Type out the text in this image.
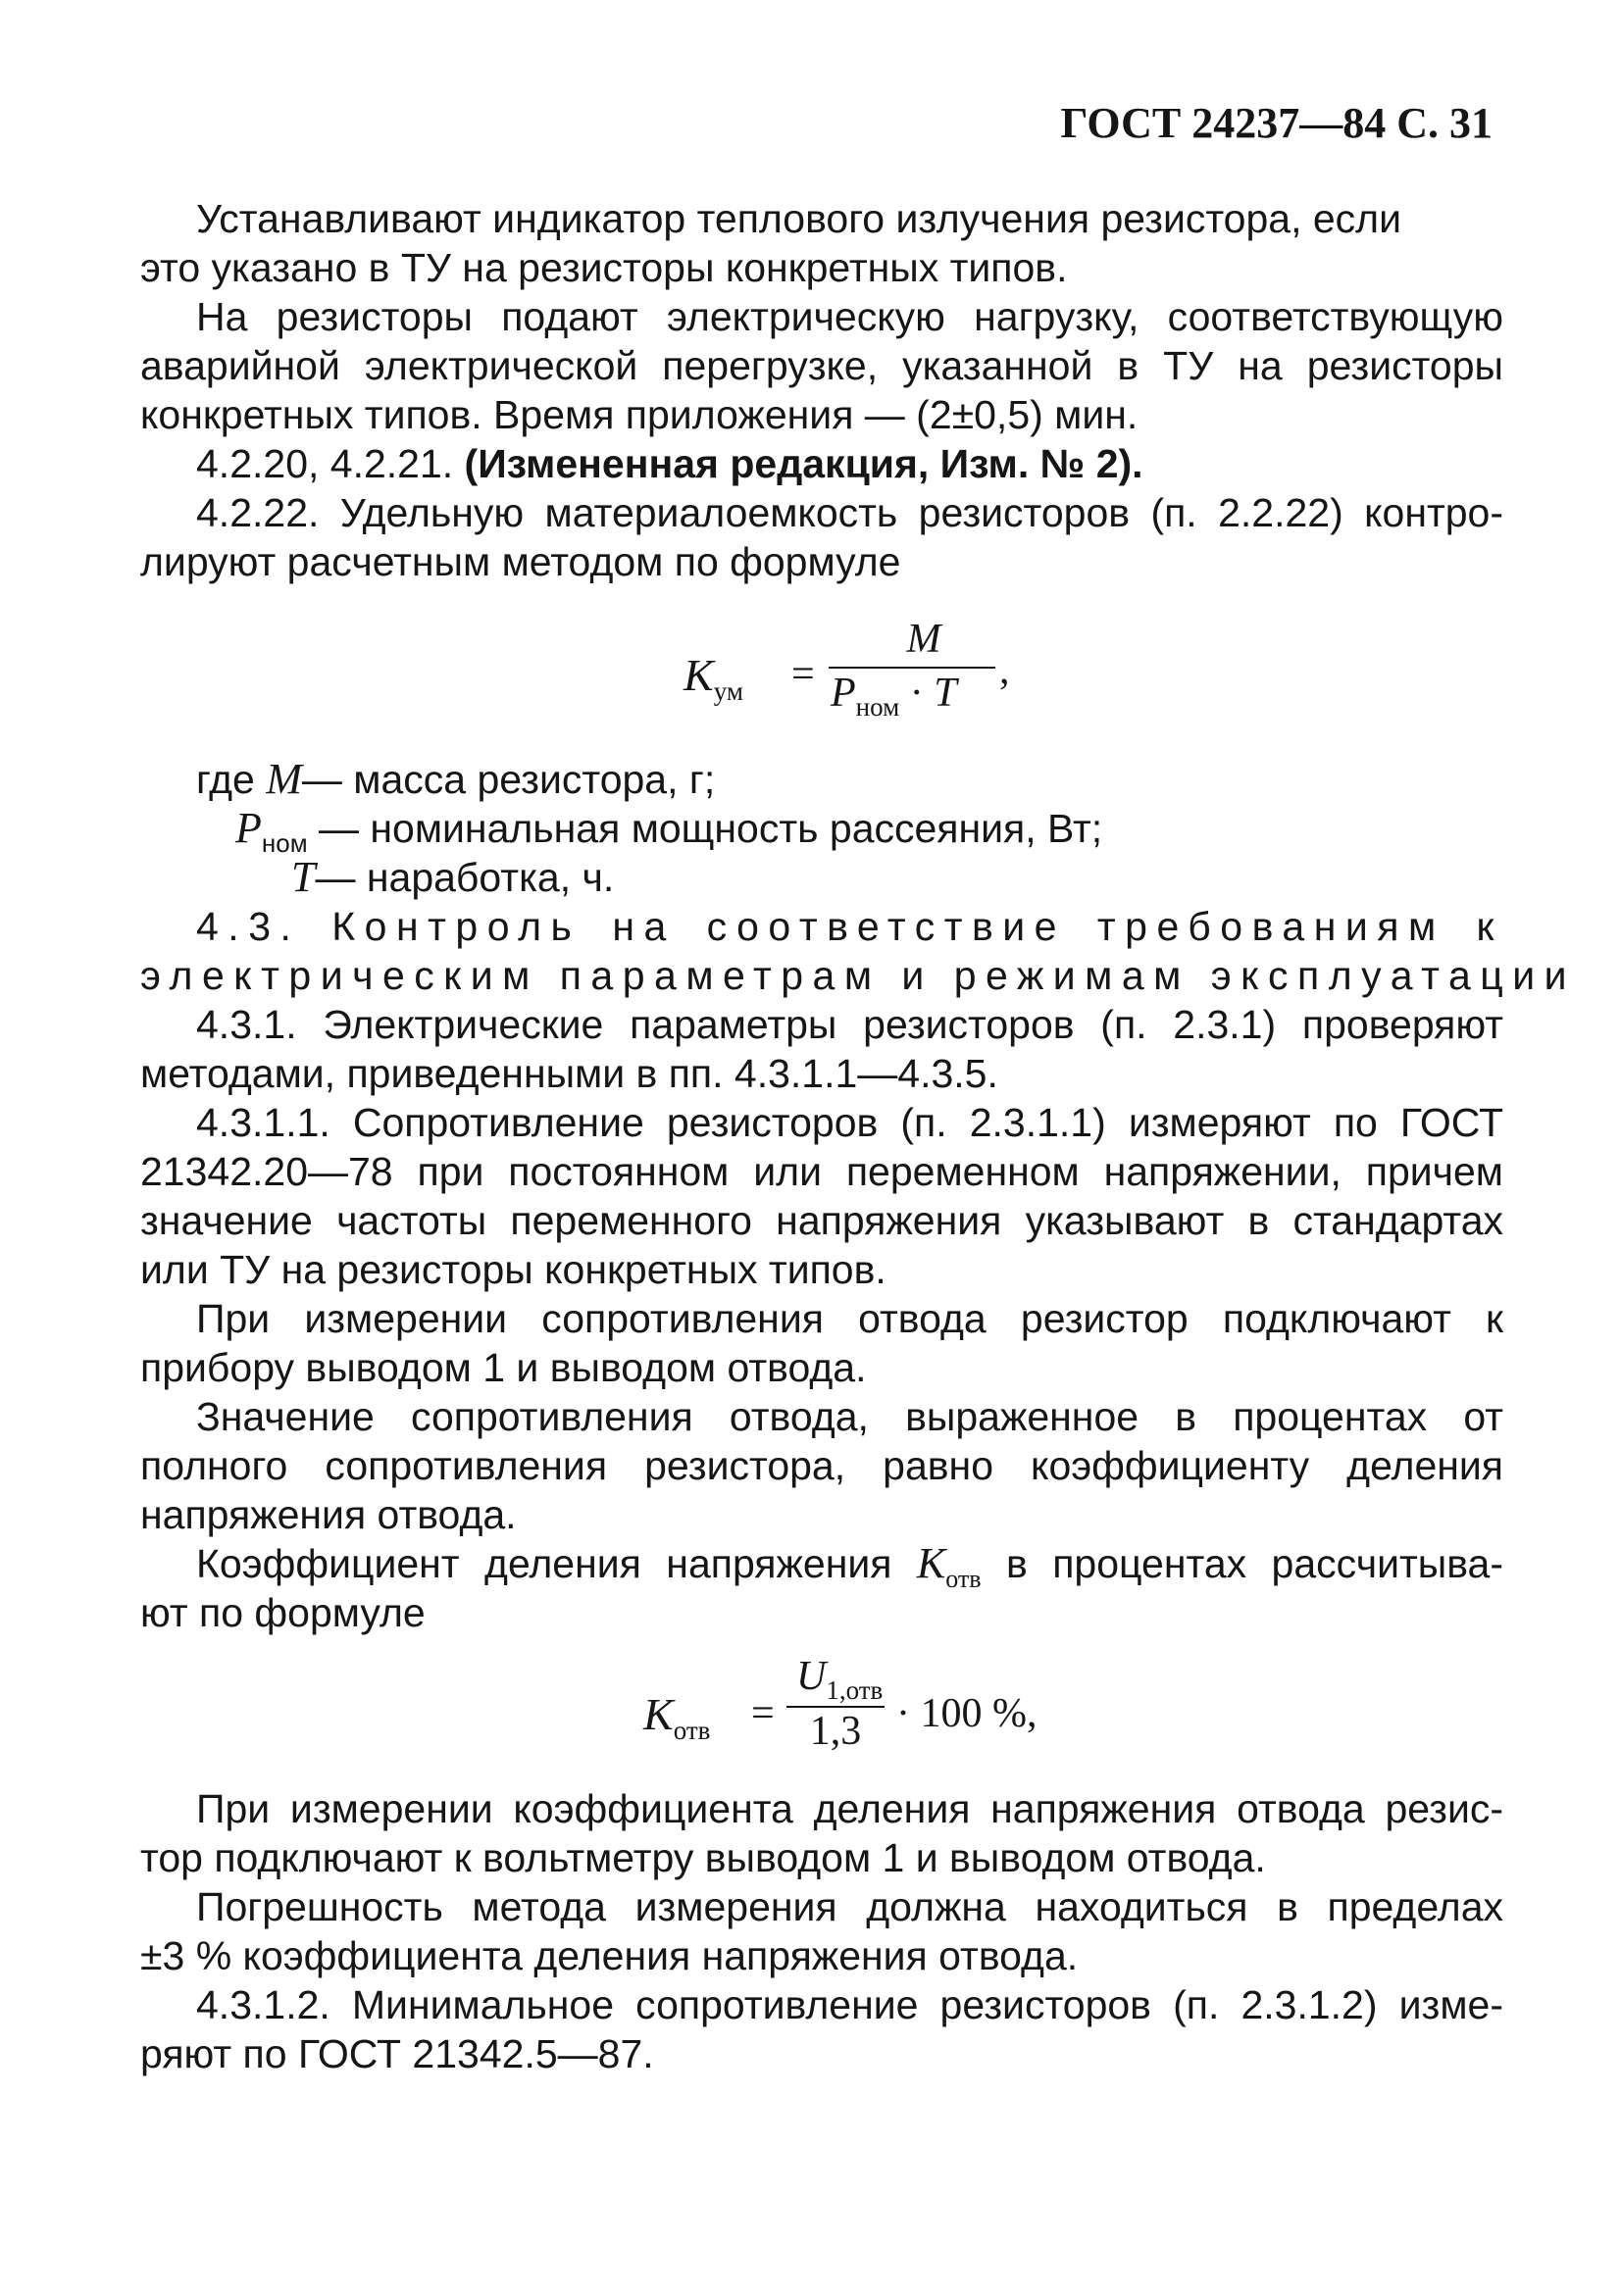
ГОСТ 24237—84 С. 31
Устанавливают индикатор теплового излучения резистора, если
это указано в ТУ на резисторы конкретных типов.
На резисторы подают электрическую нагрузку, соответствующую
аварийной электрической перегрузке, указанной в ТУ на резисторы
конкретных типов. Время приложения — (2±0,5) мин.
4.2.20, 4.2.21. (Измененная редакция, Изм. № 2).
4.2.22. Удельную материалоемкость резисторов (п. 2.2.22) контро-
лируют расчетным методом по формуле
$K_{ум}$ =
M
$P_{ном} \cdot T$ ,
где M— масса резистора, г;
$P_{ном}$ — номинальная мощность рассеяния, Вт;
T— наработка, ч.
4.3. Контроль на соответствие требованиям к
электрическим параметрам и режимам эксплуатации
4.3.1. Электрические параметры резисторов (п. 2.3.1) проверяют
методами, приведенными в пп. 4.3.1.1—4.3.5.
4.3.1.1. Сопротивление резисторов (п. 2.3.1.1) измеряют по ГОСТ
21342.20—78 при постоянном или переменном напряжении, причем
значение частоты переменного напряжения указывают в стандартах
или ТУ на резисторы конкретных типов.
При измерении сопротивления отвода резистор подключают к
прибору выводом 1 и выводом отвода.
Значение сопротивления отвода, выраженное в процентах от
полного сопротивления резистора, равно коэффициенту деления
напряжения отвода.
Коэффициент деления напряжения $K_{отв}$ в процентах рассчитыва-
ют по формуле
$K_{отв}$ =
$U_{1,отв}$
1,3 · 100 %,
При измерении коэффициента деления напряжения отвода резис-
тор подключают к вольтметру выводом 1 и выводом отвода.
Погрешность метода измерения должна находиться в пределах
±3 % коэффициента деления напряжения отвода.
4.3.1.2. Минимальное сопротивление резисторов (п. 2.3.1.2) изме-
ряют по ГОСТ 21342.5—87.
